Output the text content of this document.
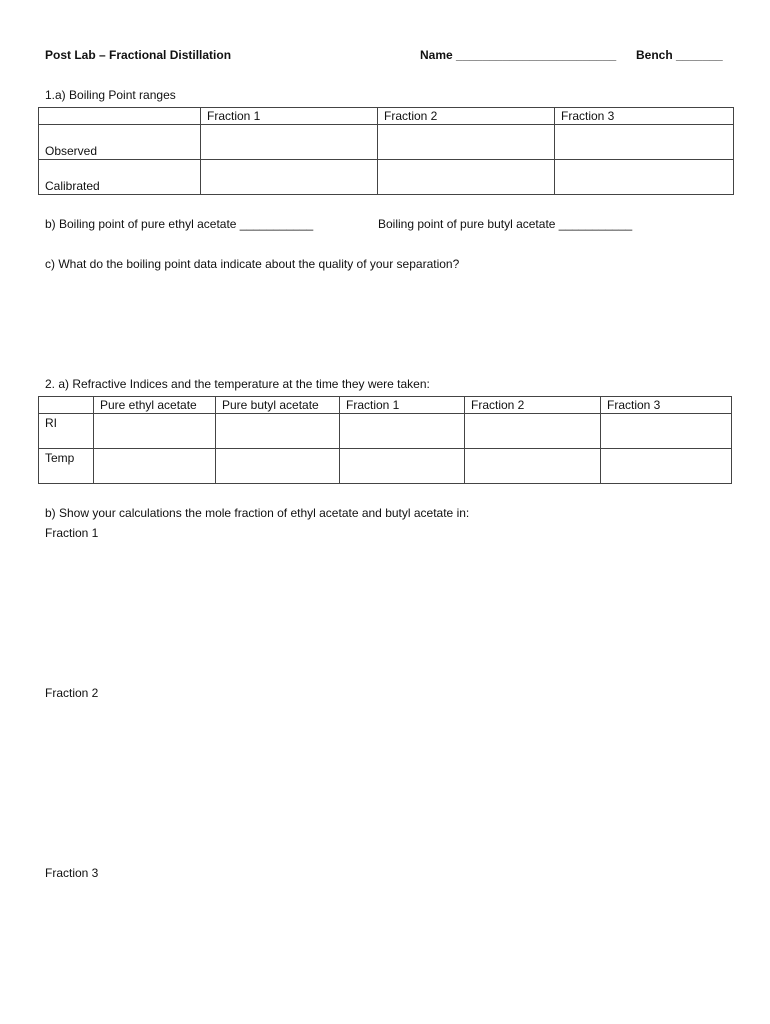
Post Lab – Fractional Distillation	Name ________________________ Bench _______
1.a) Boiling Point ranges
	Fraction 1	Fraction 2	Fraction 3
Observed			
Calibrated			
b) Boiling point of pure ethyl acetate ___________	Boiling point of pure butyl acetate ___________
c) What do the boiling point data indicate about the quality of your separation?
2. a) Refractive Indices and the temperature at the time they were taken:
	Pure ethyl acetate	Pure butyl acetate	Fraction 1	Fraction 2	Fraction 3
RI					
Temp					
b) Show your calculations the mole fraction of ethyl acetate and butyl acetate in:
Fraction 1
Fraction 2
Fraction 3
